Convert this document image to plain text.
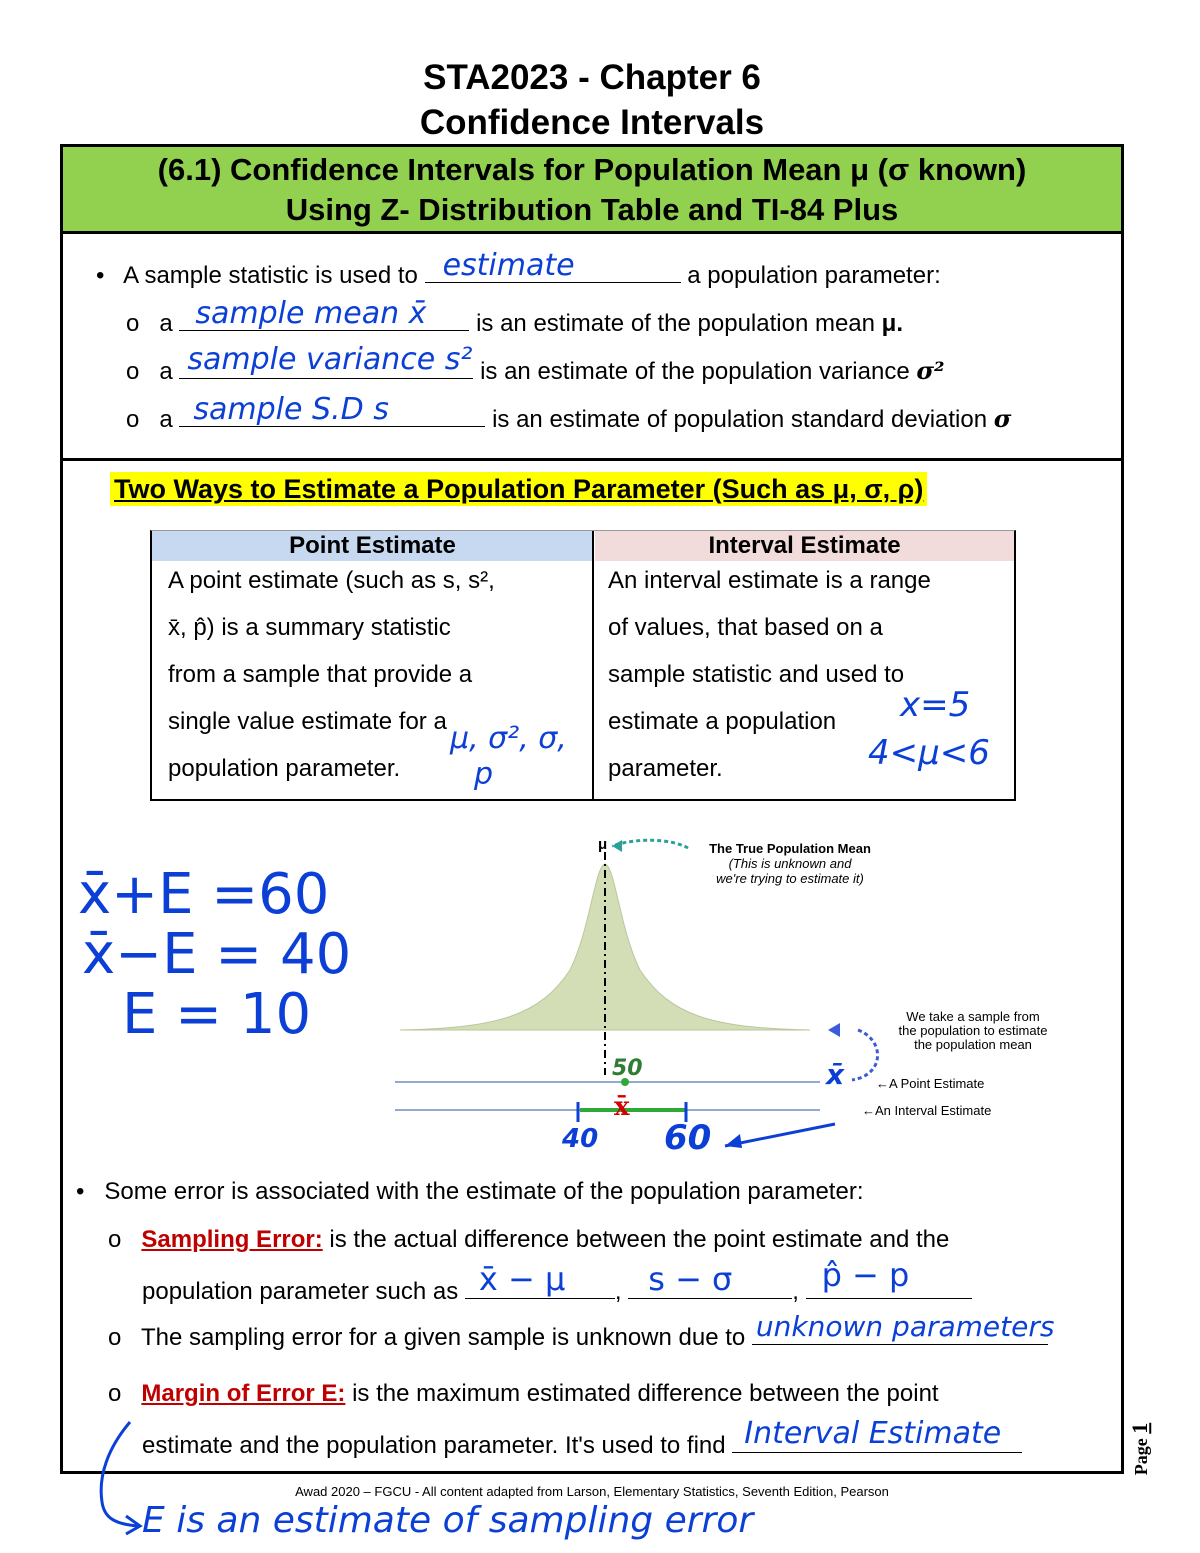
STA2023 - Chapter 6
Confidence Intervals
(6.1) Confidence Intervals for Population Mean μ (σ known)
Using Z- Distribution Table and TI-84 Plus
• A sample statistic is used to estimate	a population parameter:
o a sample mean x̄ is an estimate of the population mean μ.
o a sample variance s² is an estimate of the population variance σ²
o a sample S.D s	is an estimate of population standard deviation σ
Two Ways to Estimate a Population Parameter (Such as μ, σ, ρ)
Point Estimate	Interval Estimate
A point estimate (such as s, s²,
x̄, p̂) is a summary statistic
from a sample that provide a
single value estimate for a
population parameter.
An interval estimate is a range
of values, that based on a
sample statistic and used to
estimate a population
parameter.
μ, σ², σ,
p
x=5
4<μ<6
x̄+E =60
x̄−E = 40
E = 10
μ	The True Population Mean
(This is unknown and
we're trying to estimate it)
We take a sample from
the population to estimate
the population mean
←A Point Estimate
←An Interval Estimate
50
40 60
x̄
x̄
• Some error is associated with the estimate of the population parameter:
o Sampling Error: is the actual difference between the point estimate and the
population parameter such as x̄ − μ , s − σ , p̂ − p
o The sampling error for a given sample is unknown due to unknown parameters
o Margin of Error E: is the maximum estimated difference between the point
estimate and the population parameter. It's used to find Interval Estimate
Page 1
Awad 2020 – FGCU - All content adapted from Larson, Elementary Statistics, Seventh Edition, Pearson
E is an estimate of sampling error
